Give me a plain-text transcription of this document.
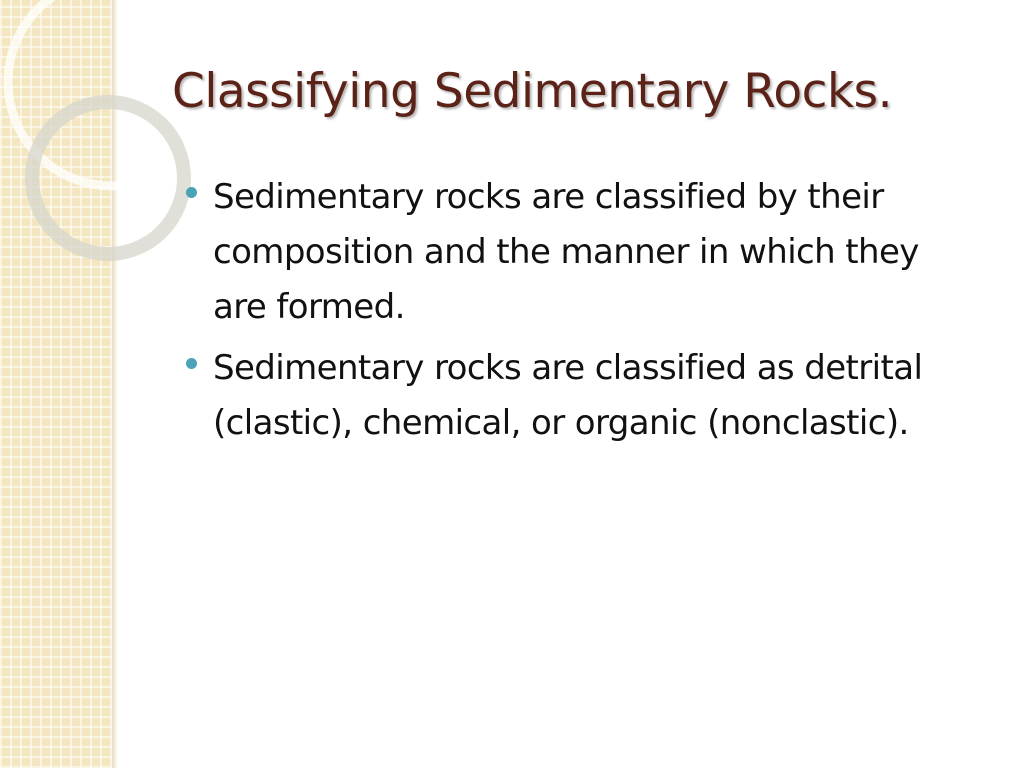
Classifying Sedimentary Rocks.
Sedimentary rocks are classified by their composition and the manner in which they are formed.
Sedimentary rocks are classified as detrital (clastic), chemical, or organic (nonclastic).
